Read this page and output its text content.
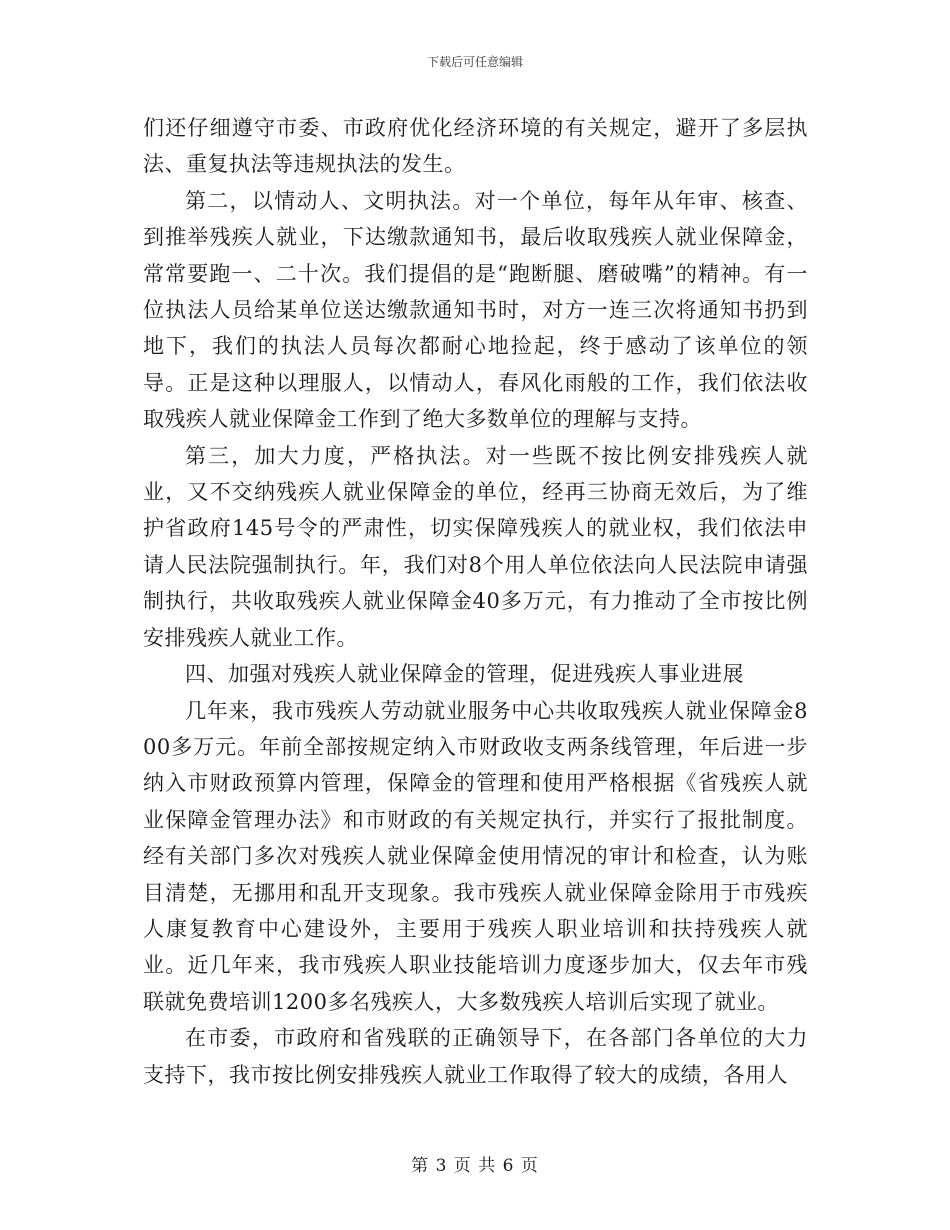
下载后可任意编辑

们还仔细遵守市委、市政府优化经济环境的有关规定，避开了多层执法、重复执法等违规执法的发生。

第二，以情动人、文明执法。对一个单位，每年从年审、核查、到推举残疾人就业，下达缴款通知书，最后收取残疾人就业保障金，常常要跑一、二十次。我们提倡的是“跑断腿、磨破嘴”的精神。有一位执法人员给某单位送达缴款通知书时，对方一连三次将通知书扔到地下，我们的执法人员每次都耐心地捡起，终于感动了该单位的领导。正是这种以理服人，以情动人，春风化雨般的工作，我们依法收取残疾人就业保障金工作到了绝大多数单位的理解与支持。

第三，加大力度，严格执法。对一些既不按比例安排残疾人就业，又不交纳残疾人就业保障金的单位，经再三协商无效后，为了维护省政府145号令的严肃性，切实保障残疾人的就业权，我们依法申请人民法院强制执行。年，我们对8个用人单位依法向人民法院申请强制执行，共收取残疾人就业保障金40多万元，有力推动了全市按比例安排残疾人就业工作。

四、加强对残疾人就业保障金的管理，促进残疾人事业进展

几年来，我市残疾人劳动就业服务中心共收取残疾人就业保障金800多万元。年前全部按规定纳入市财政收支两条线管理，年后进一步纳入市财政预算内管理，保障金的管理和使用严格根据《省残疾人就业保障金管理办法》和市财政的有关规定执行，并实行了报批制度。经有关部门多次对残疾人就业保障金使用情况的审计和检查，认为账目清楚，无挪用和乱开支现象。我市残疾人就业保障金除用于市残疾人康复教育中心建设外，主要用于残疾人职业培训和扶持残疾人就业。近几年来，我市残疾人职业技能培训力度逐步加大，仅去年市残联就免费培训1200多名残疾人，大多数残疾人培训后实现了就业。

在市委，市政府和省残联的正确领导下，在各部门各单位的大力支持下，我市按比例安排残疾人就业工作取得了较大的成绩，各用人

第 3 页 共 6 页
